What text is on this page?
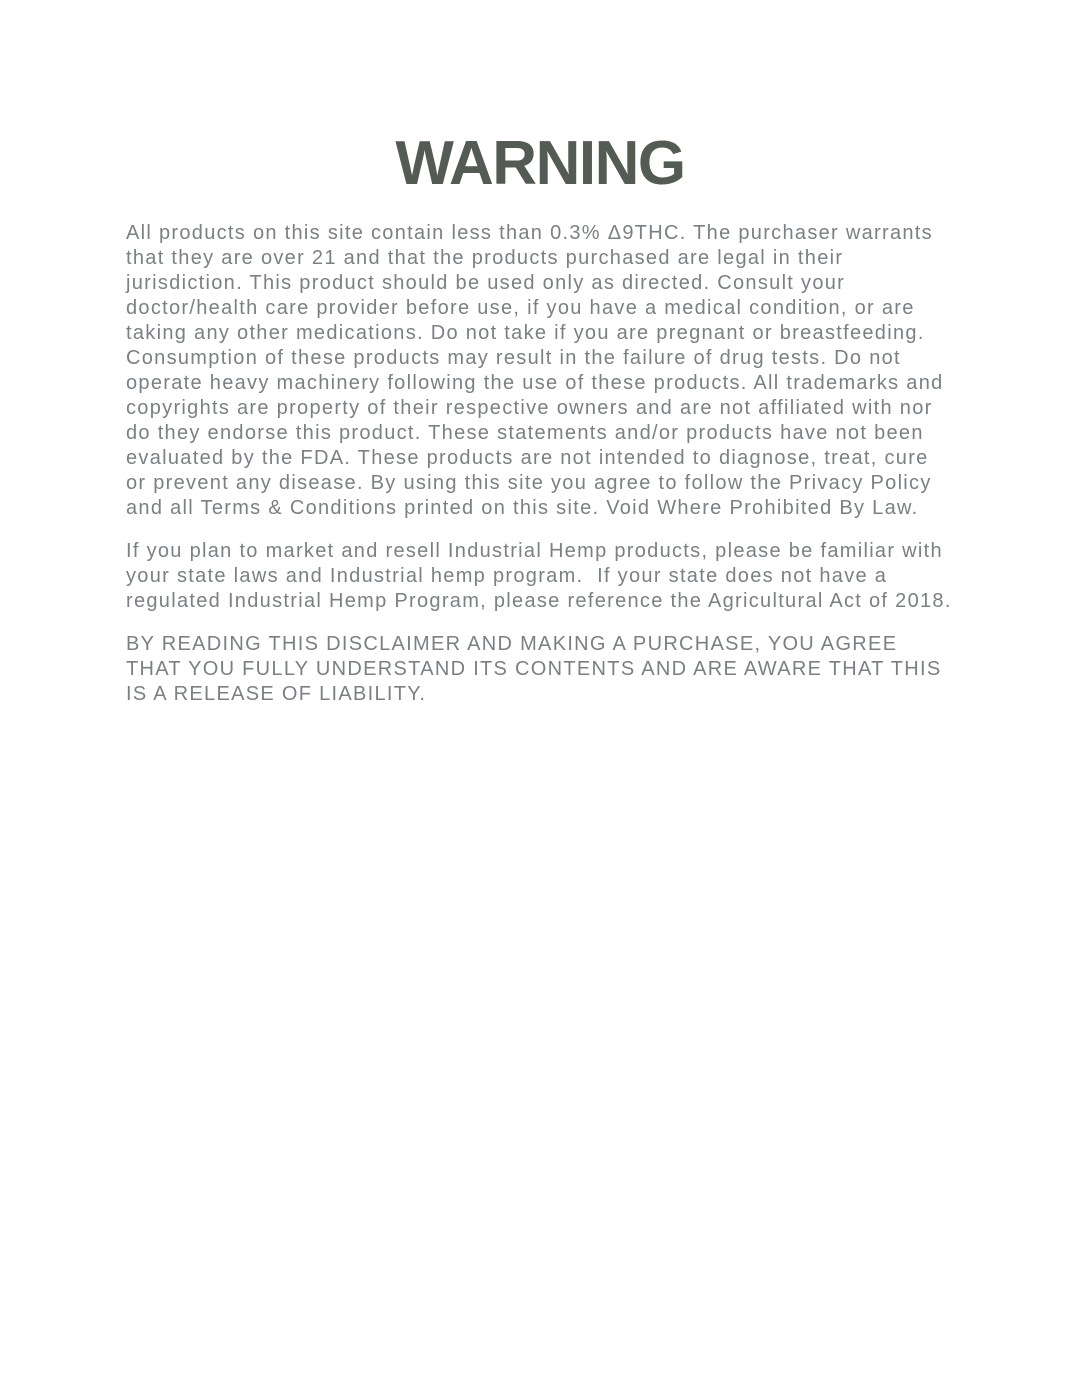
WARNING

All products on this site contain less than 0.3% Δ9THC. The purchaser warrants that they are over 21 and that the products purchased are legal in their jurisdiction. This product should be used only as directed. Consult your doctor/health care provider before use, if you have a medical condition, or are taking any other medications. Do not take if you are pregnant or breastfeeding. Consumption of these products may result in the failure of drug tests. Do not operate heavy machinery following the use of these products. All trademarks and copyrights are property of their respective owners and are not affiliated with nor do they endorse this product. These statements and/or products have not been evaluated by the FDA. These products are not intended to diagnose, treat, cure or prevent any disease. By using this site you agree to follow the Privacy Policy and all Terms & Conditions printed on this site. Void Where Prohibited By Law.

If you plan to market and resell Industrial Hemp products, please be familiar with your state laws and Industrial hemp program.  If your state does not have a regulated Industrial Hemp Program, please reference the Agricultural Act of 2018.

BY READING THIS DISCLAIMER AND MAKING A PURCHASE, YOU AGREE THAT YOU FULLY UNDERSTAND ITS CONTENTS AND ARE AWARE THAT THIS IS A RELEASE OF LIABILITY.
